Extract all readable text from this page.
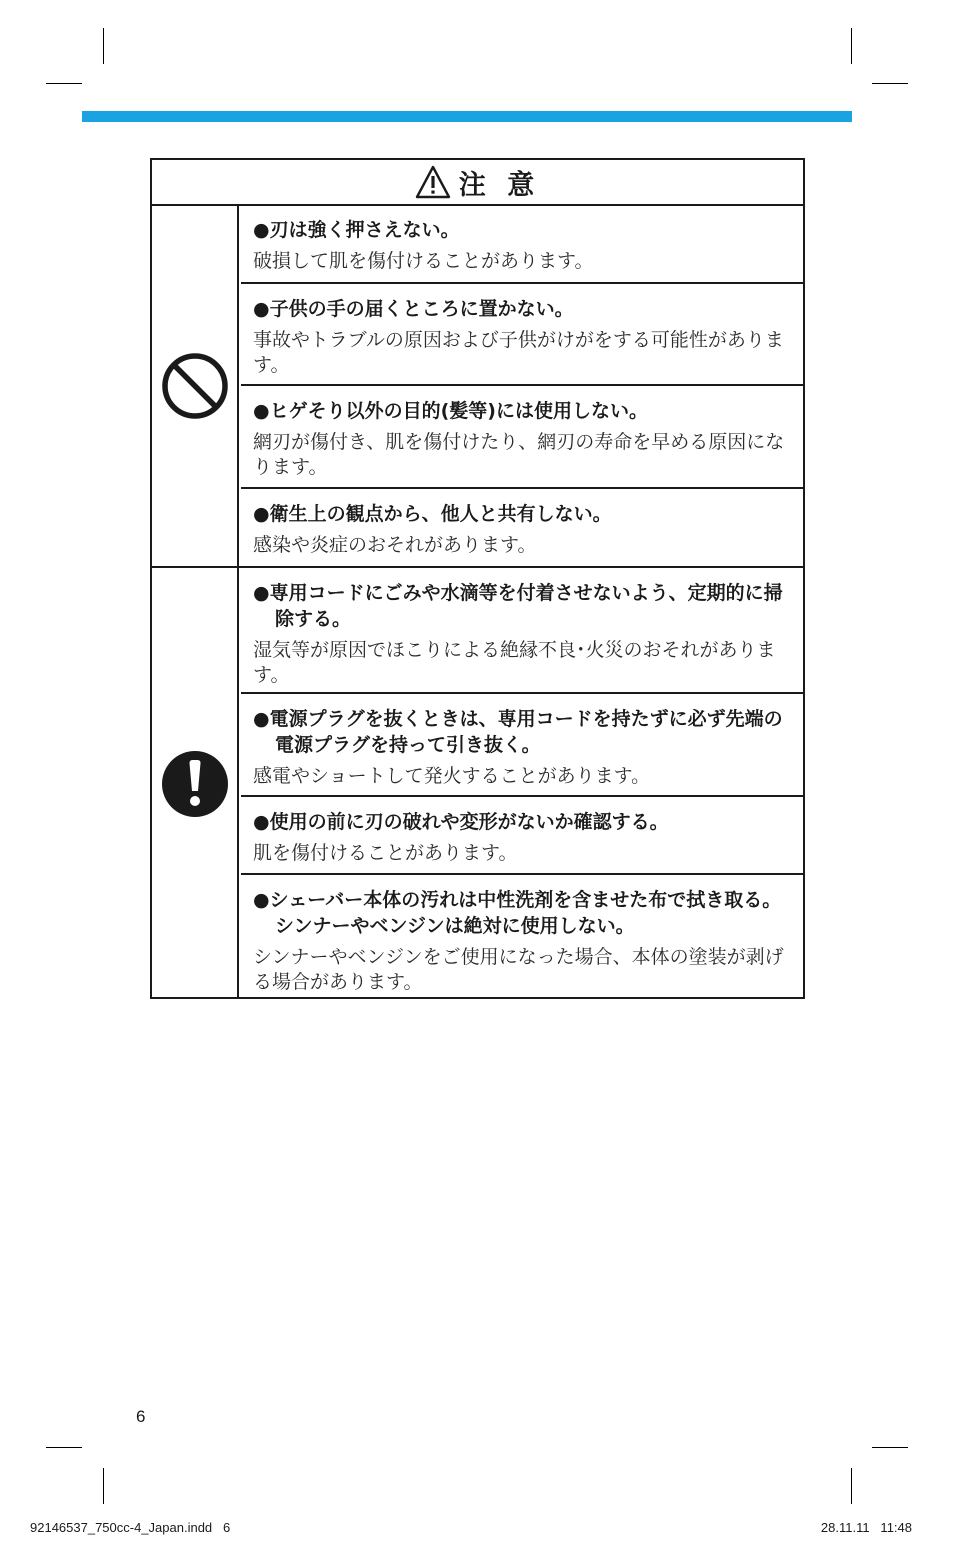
注 意
●刃は強く押さえない。
破損して肌を傷付けることがあります。
●子供の手の届くところに置かない。
事故やトラブルの原因および子供がけがをする可能性があります。
●ヒゲそり以外の目的(髪等)には使用しない。
網刃が傷付き、肌を傷付けたり、網刃の寿命を早める原因になります。
●衛生上の観点から、他人と共有しない。
感染や炎症のおそれがあります。
●専用コードにごみや水滴等を付着させないよう、定期的に掃除する。
湿気等が原因でほこりによる絶縁不良･火災のおそれがあります。
●電源プラグを抜くときは、専用コードを持たずに必ず先端の電源プラグを持って引き抜く。
感電やショートして発火することがあります。
●使用の前に刃の破れや変形がないか確認する。
肌を傷付けることがあります。
●シェーバー本体の汚れは中性洗剤を含ませた布で拭き取る。シンナーやベンジンは絶対に使用しない。
シンナーやベンジンをご使用になった場合、本体の塗装が剥げる場合があります。
6
92146537_750cc-4_Japan.indd   6	28.11.11   11:48
